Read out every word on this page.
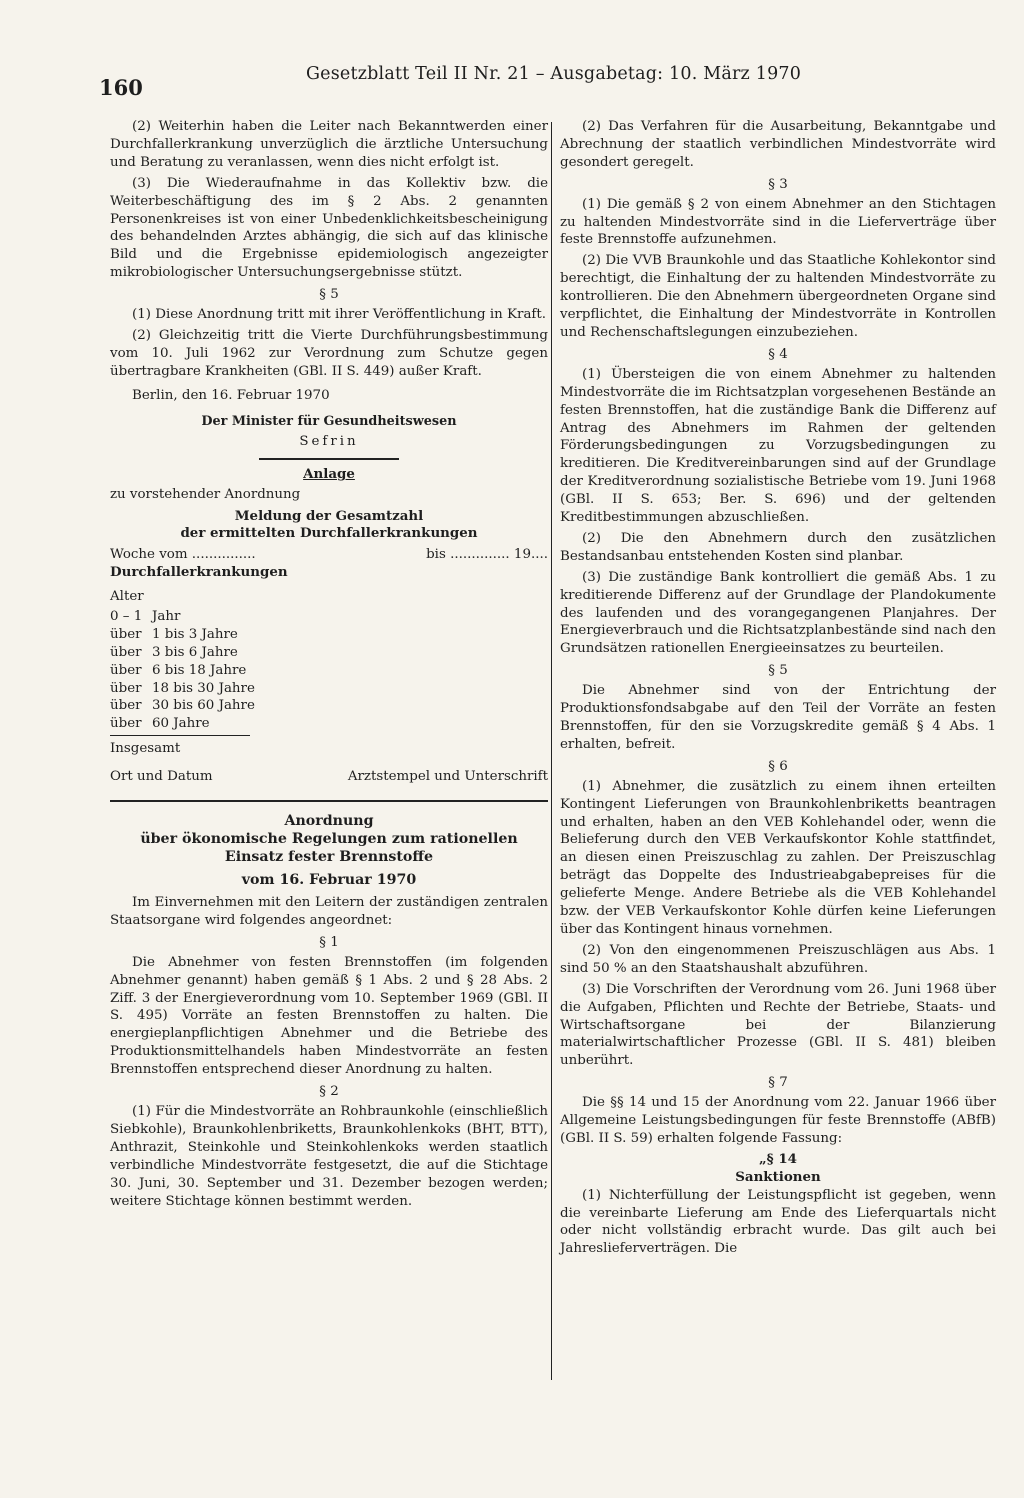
160
Gesetzblatt Teil II Nr. 21 – Ausgabetag: 10. März 1970

(2) Weiterhin haben die Leiter nach Bekanntwerden einer Durchfallerkrankung unverzüglich die ärztliche Untersuchung und Beratung zu veranlassen, wenn dies nicht erfolgt ist.

(3) Die Wiederaufnahme in das Kollektiv bzw. die Weiterbeschäftigung des im § 2 Abs. 2 genannten Personenkreises ist von einer Unbedenklichkeitsbescheinigung des behandelnden Arztes abhängig, die sich auf das klinische Bild und die Ergebnisse epidemiologisch angezeigter mikrobiologischer Untersuchungsergebnisse stützt.

§ 5

(1) Diese Anordnung tritt mit ihrer Veröffentlichung in Kraft.

(2) Gleichzeitig tritt die Vierte Durchführungsbestimmung vom 10. Juli 1962 zur Verordnung zum Schutze gegen übertragbare Krankheiten (GBl. II S. 449) außer Kraft.

Berlin, den 16. Februar 1970
Der Minister für Gesundheitswesen
Sefrin
Anlage
zu vorstehender Anordnung
Meldung der Gesamtzahl
der ermittelten Durchfallerkrankungen
Woche vom ...............	bis .............. 19....
Durchfallerkrankungen
Alter
0 – 1 Jahr
über 1 bis 3 Jahre
über 3 bis 6 Jahre
über 6 bis 18 Jahre
über 18 bis 30 Jahre
über 30 bis 60 Jahre
über 60 Jahre
Insgesamt
Ort und Datum	Arztstempel und Unterschrift
Anordnung
über ökonomische Regelungen zum rationellen
Einsatz fester Brennstoffe
vom 16. Februar 1970

Im Einvernehmen mit den Leitern der zuständigen zentralen Staatsorgane wird folgendes angeordnet:

§ 1

Die Abnehmer von festen Brennstoffen (im folgenden Abnehmer genannt) haben gemäß § 1 Abs. 2 und § 28 Abs. 2 Ziff. 3 der Energieverordnung vom 10. September 1969 (GBl. II S. 495) Vorräte an festen Brennstoffen zu halten. Die energieplanpflichtigen Abnehmer und die Betriebe des Produktionsmittelhandels haben Mindestvorräte an festen Brennstoffen entsprechend dieser Anordnung zu halten.

§ 2

(1) Für die Mindestvorräte an Rohbraunkohle (einschließlich Siebkohle), Braunkohlenbriketts, Braunkohlenkoks (BHT, BTT), Anthrazit, Steinkohle und Steinkohlenkoks werden staatlich verbindliche Mindestvorräte festgesetzt, die auf die Stichtage 30. Juni, 30. September und 31. Dezember bezogen werden; weitere Stichtage können bestimmt werden.

(2) Das Verfahren für die Ausarbeitung, Bekanntgabe und Abrechnung der staatlich verbindlichen Mindestvorräte wird gesondert geregelt.

§ 3

(1) Die gemäß § 2 von einem Abnehmer an den Stichtagen zu haltenden Mindestvorräte sind in die Lieferverträge über feste Brennstoffe aufzunehmen.

(2) Die VVB Braunkohle und das Staatliche Kohlekontor sind berechtigt, die Einhaltung der zu haltenden Mindestvorräte zu kontrollieren. Die den Abnehmern übergeordneten Organe sind verpflichtet, die Einhaltung der Mindestvorräte in Kontrollen und Rechenschaftslegungen einzubeziehen.

§ 4

(1) Übersteigen die von einem Abnehmer zu haltenden Mindestvorräte die im Richtsatzplan vorgesehenen Bestände an festen Brennstoffen, hat die zuständige Bank die Differenz auf Antrag des Abnehmers im Rahmen der geltenden Förderungsbedingungen zu Vorzugsbedingungen zu kreditieren. Die Kreditvereinbarungen sind auf der Grundlage der Kreditverordnung sozialistische Betriebe vom 19. Juni 1968 (GBl. II S. 653; Ber. S. 696) und der geltenden Kreditbestimmungen abzuschließen.

(2) Die den Abnehmern durch den zusätzlichen Bestandsanbau entstehenden Kosten sind planbar.

(3) Die zuständige Bank kontrolliert die gemäß Abs. 1 zu kreditierende Differenz auf der Grundlage der Plandokumente des laufenden und des vorangegangenen Planjahres. Der Energieverbrauch und die Richtsatzplanbestände sind nach den Grundsätzen rationellen Energieeinsatzes zu beurteilen.

§ 5

Die Abnehmer sind von der Entrichtung der Produktionsfondsabgabe auf den Teil der Vorräte an festen Brennstoffen, für den sie Vorzugskredite gemäß § 4 Abs. 1 erhalten, befreit.

§ 6

(1) Abnehmer, die zusätzlich zu einem ihnen erteilten Kontingent Lieferungen von Braunkohlenbriketts beantragen und erhalten, haben an den VEB Kohlehandel oder, wenn die Belieferung durch den VEB Verkaufskontor Kohle stattfindet, an diesen einen Preiszuschlag zu zahlen. Der Preiszuschlag beträgt das Doppelte des Industrieabgabepreises für die gelieferte Menge. Andere Betriebe als die VEB Kohlehandel bzw. der VEB Verkaufskontor Kohle dürfen keine Lieferungen über das Kontingent hinaus vornehmen.

(2) Von den eingenommenen Preiszuschlägen aus Abs. 1 sind 50 % an den Staatshaushalt abzuführen.

(3) Die Vorschriften der Verordnung vom 26. Juni 1968 über die Aufgaben, Pflichten und Rechte der Betriebe, Staats- und Wirtschaftsorgane bei der Bilanzierung materialwirtschaftlicher Prozesse (GBl. II S. 481) bleiben unberührt.

§ 7

Die §§ 14 und 15 der Anordnung vom 22. Januar 1966 über Allgemeine Leistungsbedingungen für feste Brennstoffe (ABfB) (GBl. II S. 59) erhalten folgende Fassung:

„§ 14
Sanktionen

(1) Nichterfüllung der Leistungspflicht ist gegeben, wenn die vereinbarte Lieferung am Ende des Lieferquartals nicht oder nicht vollständig erbracht wurde. Das gilt auch bei Jahreslieferverträgen. Die
